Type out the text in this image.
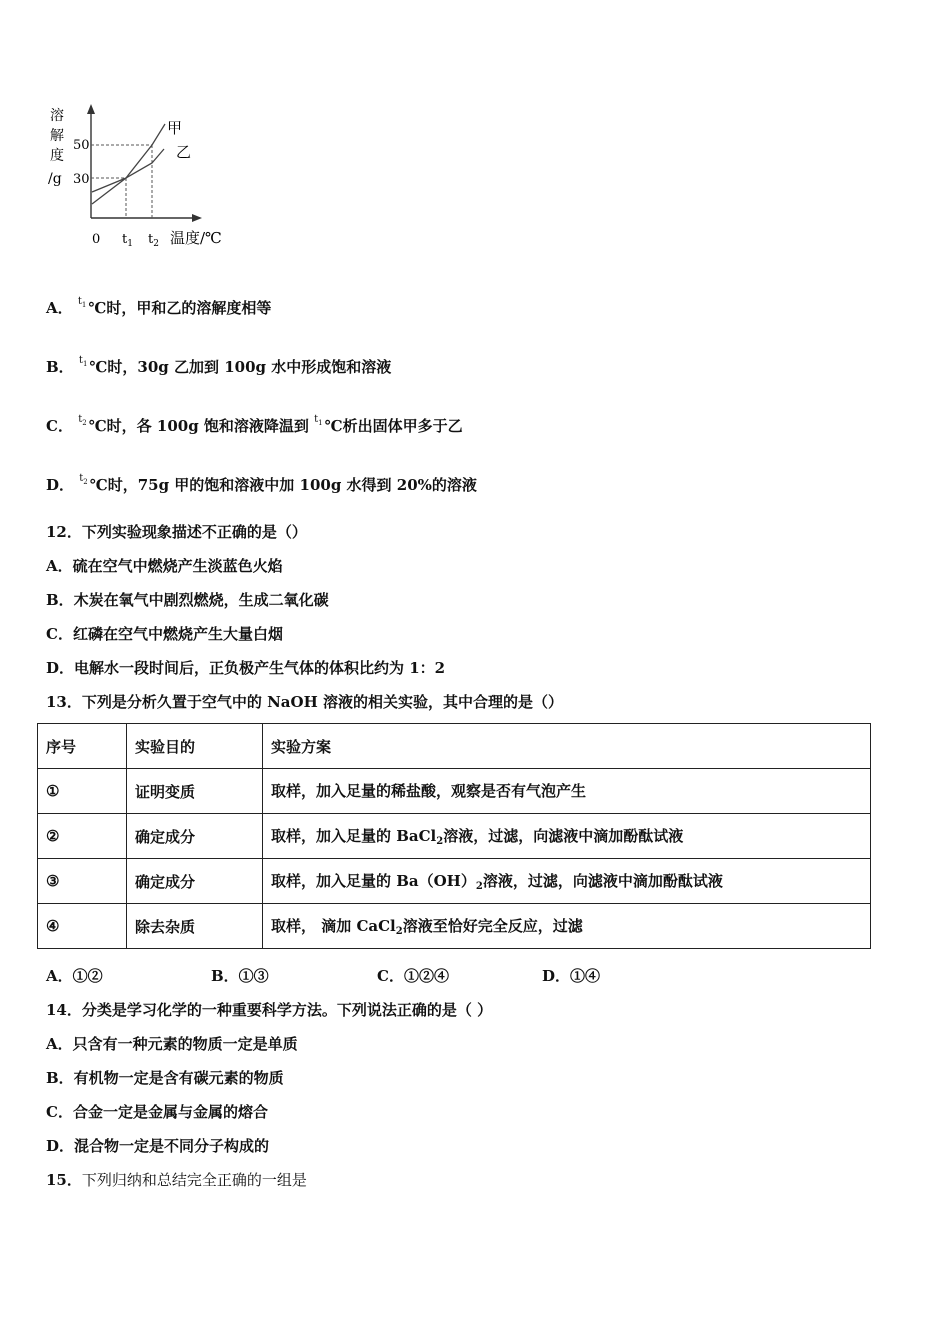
溶
解
度
/g
50
30
甲
乙
0 $t_1$ $t_2$ 温度/℃
A． $^{t_1}$ ℃时，甲和乙的溶解度相等
B． $^{t_1}$ ℃时，30g 乙加到 100g 水中形成饱和溶液
C． $^{t_2}$ ℃时，各 100g 饱和溶液降温到 $^{t_1}$ ℃析出固体甲多于乙
D． $^{t_2}$ ℃时，75g 甲的饱和溶液中加 100g 水得到 20%的溶液
12．下列实验现象描述不正确的是（）
A．硫在空气中燃烧产生淡蓝色火焰
B．木炭在氧气中剧烈燃烧，生成二氧化碳
C．红磷在空气中燃烧产生大量白烟
D．电解水一段时间后，正负极产生气体的体积比约为 1：2
13．下列是分析久置于空气中的 NaOH 溶液的相关实验，其中合理的是（）
序号	实验目的	实验方案
①	证明变质	取样，加入足量的稀盐酸，观察是否有气泡产生
②	确定成分	取样，加入足量的 BaCl$_2$溶液，过滤，向滤液中滴加酚酞试液
③	确定成分	取样，加入足量的 $Ba(OH)_2$溶液，过滤，向滤液中滴加酚酞试液
④	除去杂质	取样， 滴加 CaCl$_2$溶液至恰好完全反应，过滤
A．①②	B．①③	C．①②④	D．①④
14．分类是学习化学的一种重要科学方法。下列说法正确的是（ ）
A．只含有一种元素的物质一定是单质
B．有机物一定是含有碳元素的物质
C．合金一定是金属与金属的熔合
D．混合物一定是不同分子构成的
15．下列归纳和总结完全正确的一组是
